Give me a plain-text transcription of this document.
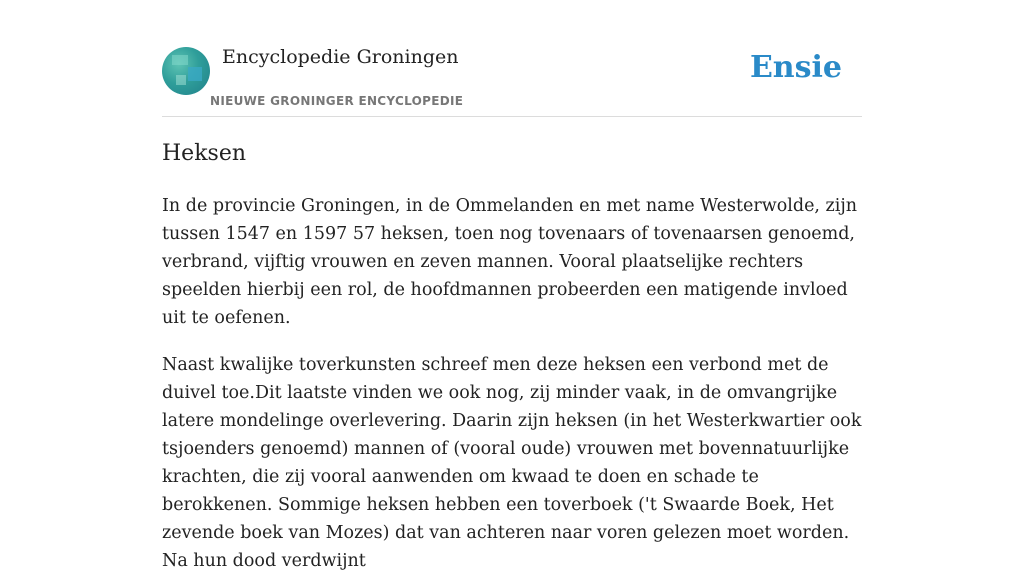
Encyclopedie Groningen
NIEUWE GRONINGER ENCYCLOPEDIE
Ensie
Heksen

In de provincie Groningen, in de Ommelanden en met name Westerwolde, zijn tussen 1547 en 1597 57 heksen, toen nog tovenaars of tovenaarsen genoemd, verbrand, vijftig vrouwen en zeven mannen. Vooral plaatselijke rechters speelden hierbij een rol, de hoofdmannen probeerden een matigende invloed uit te oefenen.

Naast kwalijke toverkunsten schreef men deze heksen een verbond met de duivel toe.Dit laatste vinden we ook nog, zij minder vaak, in de omvangrijke latere mondelinge overlevering. Daarin zijn heksen (in het Westerkwartier ook tsjoenders genoemd) mannen of (vooral oude) vrouwen met bovennatuurlijke krachten, die zij vooral aanwenden om kwaad te doen en schade te berokkenen. Sommige heksen hebben een toverboek ('t Swaarde Boek, Het zevende boek van Mozes) dat van achteren naar voren gelezen moet worden. Na hun dood verdwijnt
